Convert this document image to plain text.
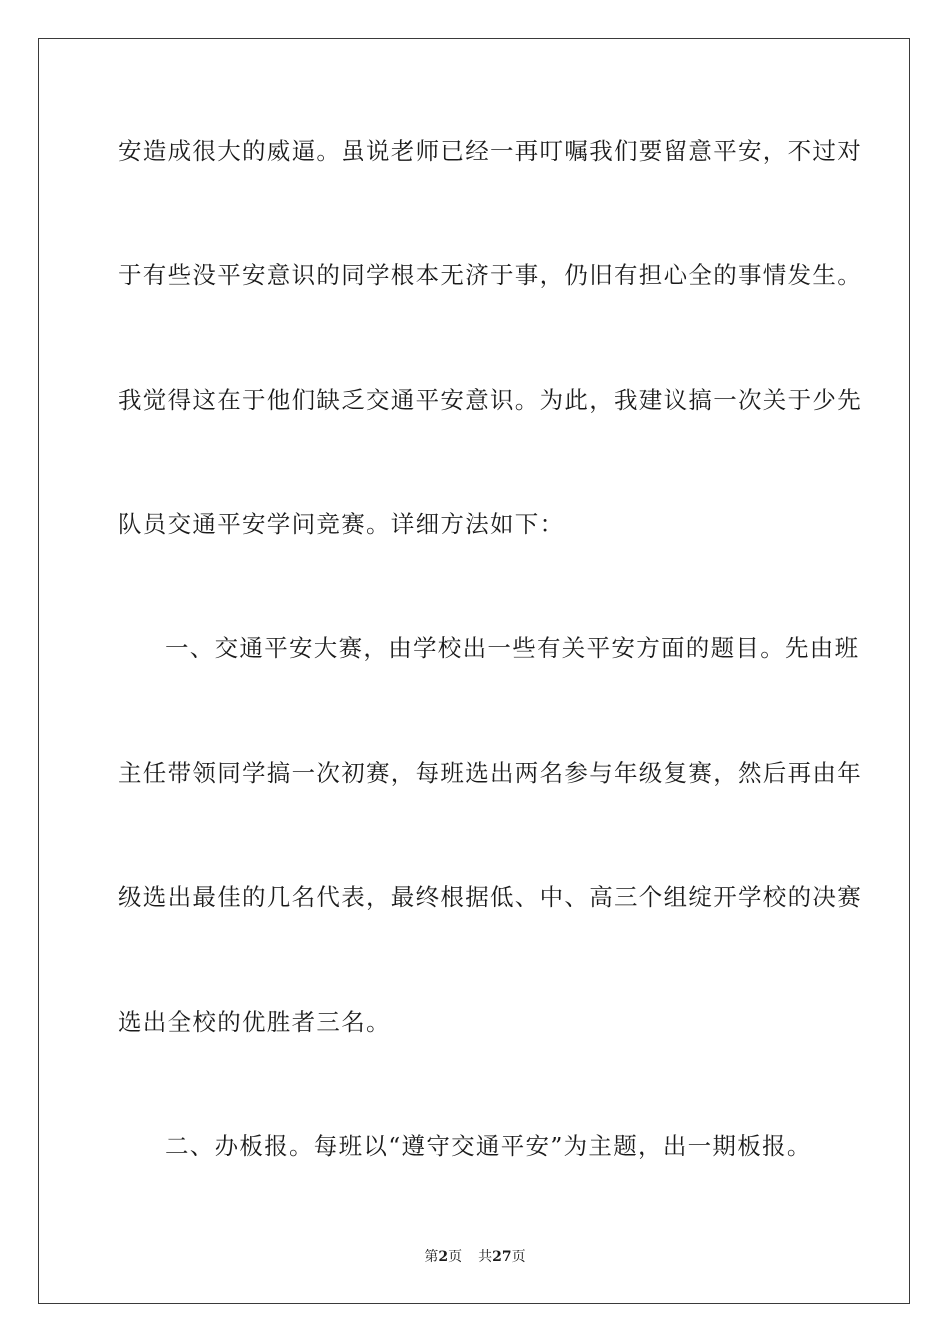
安造成很大的威逼。虽说老师已经一再叮嘱我们要留意平安，不过对
于有些没平安意识的同学根本无济于事，仍旧有担心全的事情发生。
我觉得这在于他们缺乏交通平安意识。为此，我建议搞一次关于少先
队员交通平安学问竞赛。详细方法如下：
一、交通平安大赛，由学校出一些有关平安方面的题目。先由班
主任带领同学搞一次初赛，每班选出两名参与年级复赛，然后再由年
级选出最佳的几名代表，最终根据低、中、高三个组绽开学校的决赛
选出全校的优胜者三名。
二、办板报。每班以“遵守交通平安”为主题，出一期板报。
第2页 共27页
